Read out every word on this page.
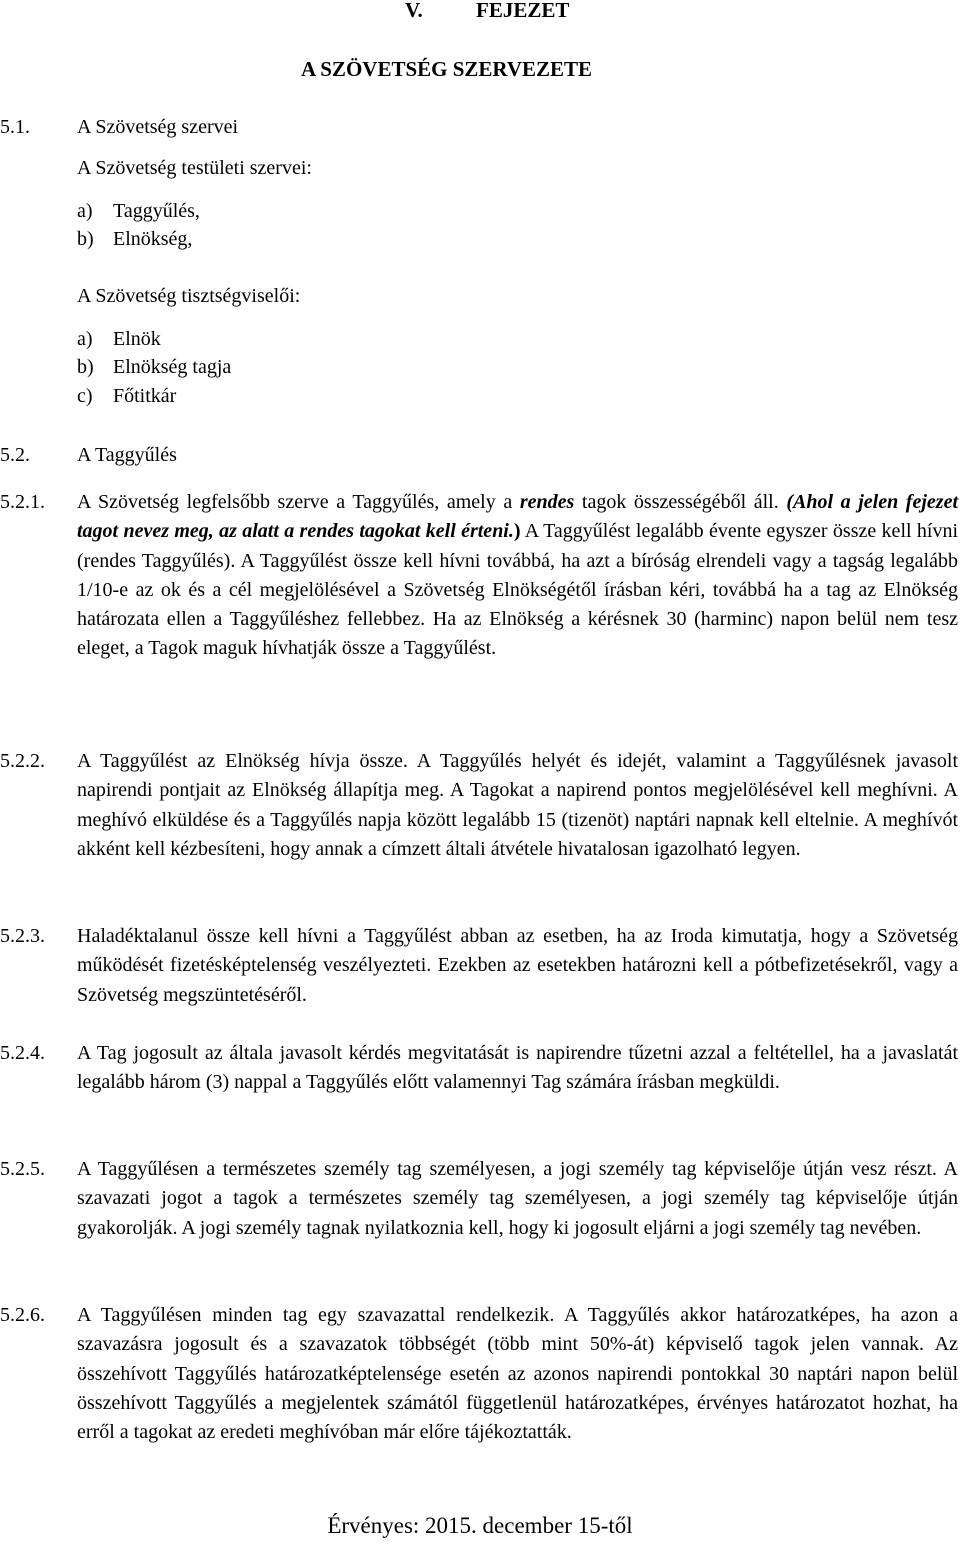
V.	FEJEZET
A SZÖVETSÉG SZERVEZETE
5.1. A Szövetség szervei
A Szövetség testületi szervei:
a) Taggyűlés,
b) Elnökség,
A Szövetség tisztségviselői:
a) Elnök
b) Elnökség tagja
c) Főtitkár
5.2. A Taggyűlés
5.2.1. A Szövetség legfelsőbb szerve a Taggyűlés, amely a rendes tagok összességéből áll. (Ahol a jelen fejezet tagot nevez meg, az alatt a rendes tagokat kell érteni.) A Taggyűlést legalább évente egyszer össze kell hívni (rendes Taggyűlés). A Taggyűlést össze kell hívni továbbá, ha azt a bíróság elrendeli vagy a tagság legalább 1/10-e az ok és a cél megjelölésével a Szövetség Elnökségétől írásban kéri, továbbá ha a tag az Elnökség határozata ellen a Taggyűléshez fellebbez. Ha az Elnökség a kérésnek 30 (harminc) napon belül nem tesz eleget, a Tagok maguk hívhatják össze a Taggyűlést.
5.2.2. A Taggyűlést az Elnökség hívja össze. A Taggyűlés helyét és idejét, valamint a Taggyűlésnek javasolt napirendi pontjait az Elnökség állapítja meg. A Tagokat a napirend pontos megjelölésével kell meghívni. A meghívó elküldése és a Taggyűlés napja között legalább 15 (tizenöt) naptári napnak kell eltelnie. A meghívót akként kell kézbesíteni, hogy annak a címzett általi átvétele hivatalosan igazolható legyen.
5.2.3. Haladéktalanul össze kell hívni a Taggyűlést abban az esetben, ha az Iroda kimutatja, hogy a Szövetség működését fizetésképtelenség veszélyezteti. Ezekben az esetekben határozni kell a pótbefizetésekről, vagy a Szövetség megszüntetéséről.
5.2.4. A Tag jogosult az általa javasolt kérdés megvitatását is napirendre tűzetni azzal a feltétellel, ha a javaslatát legalább három (3) nappal a Taggyűlés előtt valamennyi Tag számára írásban megküldi.
5.2.5. A Taggyűlésen a természetes személy tag személyesen, a jogi személy tag képviselője útján vesz részt. A szavazati jogot a tagok a természetes személy tag személyesen, a jogi személy tag képviselője útján gyakorolják. A jogi személy tagnak nyilatkoznia kell, hogy ki jogosult eljárni a jogi személy tag nevében.
5.2.6. A Taggyűlésen minden tag egy szavazattal rendelkezik. A Taggyűlés akkor határozatképes, ha azon a szavazásra jogosult és a szavazatok többségét (több mint 50%-át) képviselő tagok jelen vannak. Az összehívott Taggyűlés határozatképtelensége esetén az azonos napirendi pontokkal 30 naptári napon belül összehívott Taggyűlés a megjelentek számától függetlenül határozatképes, érvényes határozatot hozhat, ha erről a tagokat az eredeti meghívóban már előre tájékoztatták.
Érvényes: 2015. december 15-től
